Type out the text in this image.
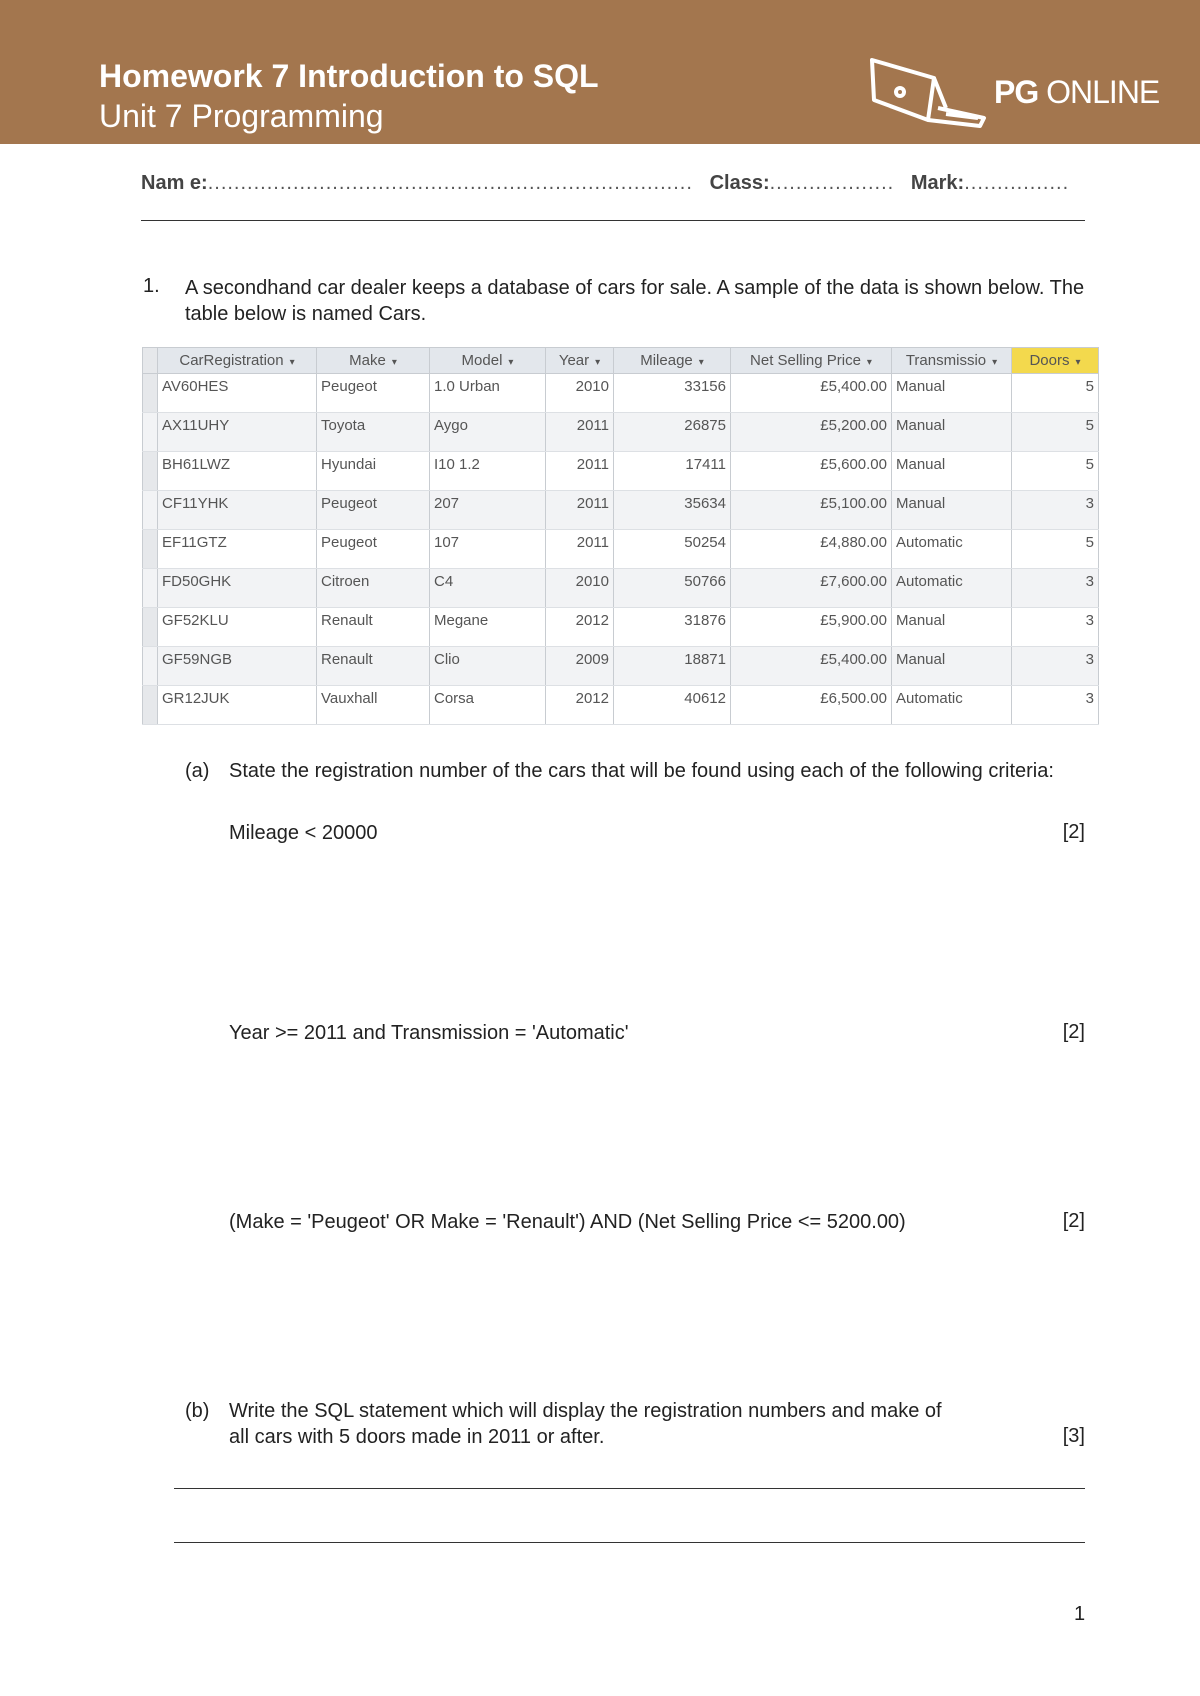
Homework 7 Introduction to SQL
Unit 7 Programming
PG ONLINE
Nam e:.......................................................................... Class:................... Mark:................
1. A secondhand car dealer keeps a database of cars for sale. A sample of the data is shown below. The table below is named Cars.
	CarRegistration ▾	Make ▾	Model ▾	Year ▾	Mileage ▾	Net Selling Price ▾	Transmissio ▾	Doors ▾
	AV60HES	Peugeot	1.0 Urban	2010	33156	£5,400.00	Manual	5
	AX11UHY	Toyota	Aygo	2011	26875	£5,200.00	Manual	5
	BH61LWZ	Hyundai	I10 1.2	2011	17411	£5,600.00	Manual	5
	CF11YHK	Peugeot	207	2011	35634	£5,100.00	Manual	3
	EF11GTZ	Peugeot	107	2011	50254	£4,880.00	Automatic	5
	FD50GHK	Citroen	C4	2010	50766	£7,600.00	Automatic	3
	GF52KLU	Renault	Megane	2012	31876	£5,900.00	Manual	3
	GF59NGB	Renault	Clio	2009	18871	£5,400.00	Manual	3
	GR12JUK	Vauxhall	Corsa	2012	40612	£6,500.00	Automatic	3
(a) State the registration number of the cars that will be found using each of the following criteria:
Mileage < 20000	[2]
Year >= 2011 and Transmission = 'Automatic'	[2]
(Make = 'Peugeot' OR Make = 'Renault') AND (Net Selling Price <= 5200.00)	[2]
(b) Write the SQL statement which will display the registration numbers and make of
all cars with 5 doors made in 2011 or after.	[3]
1
